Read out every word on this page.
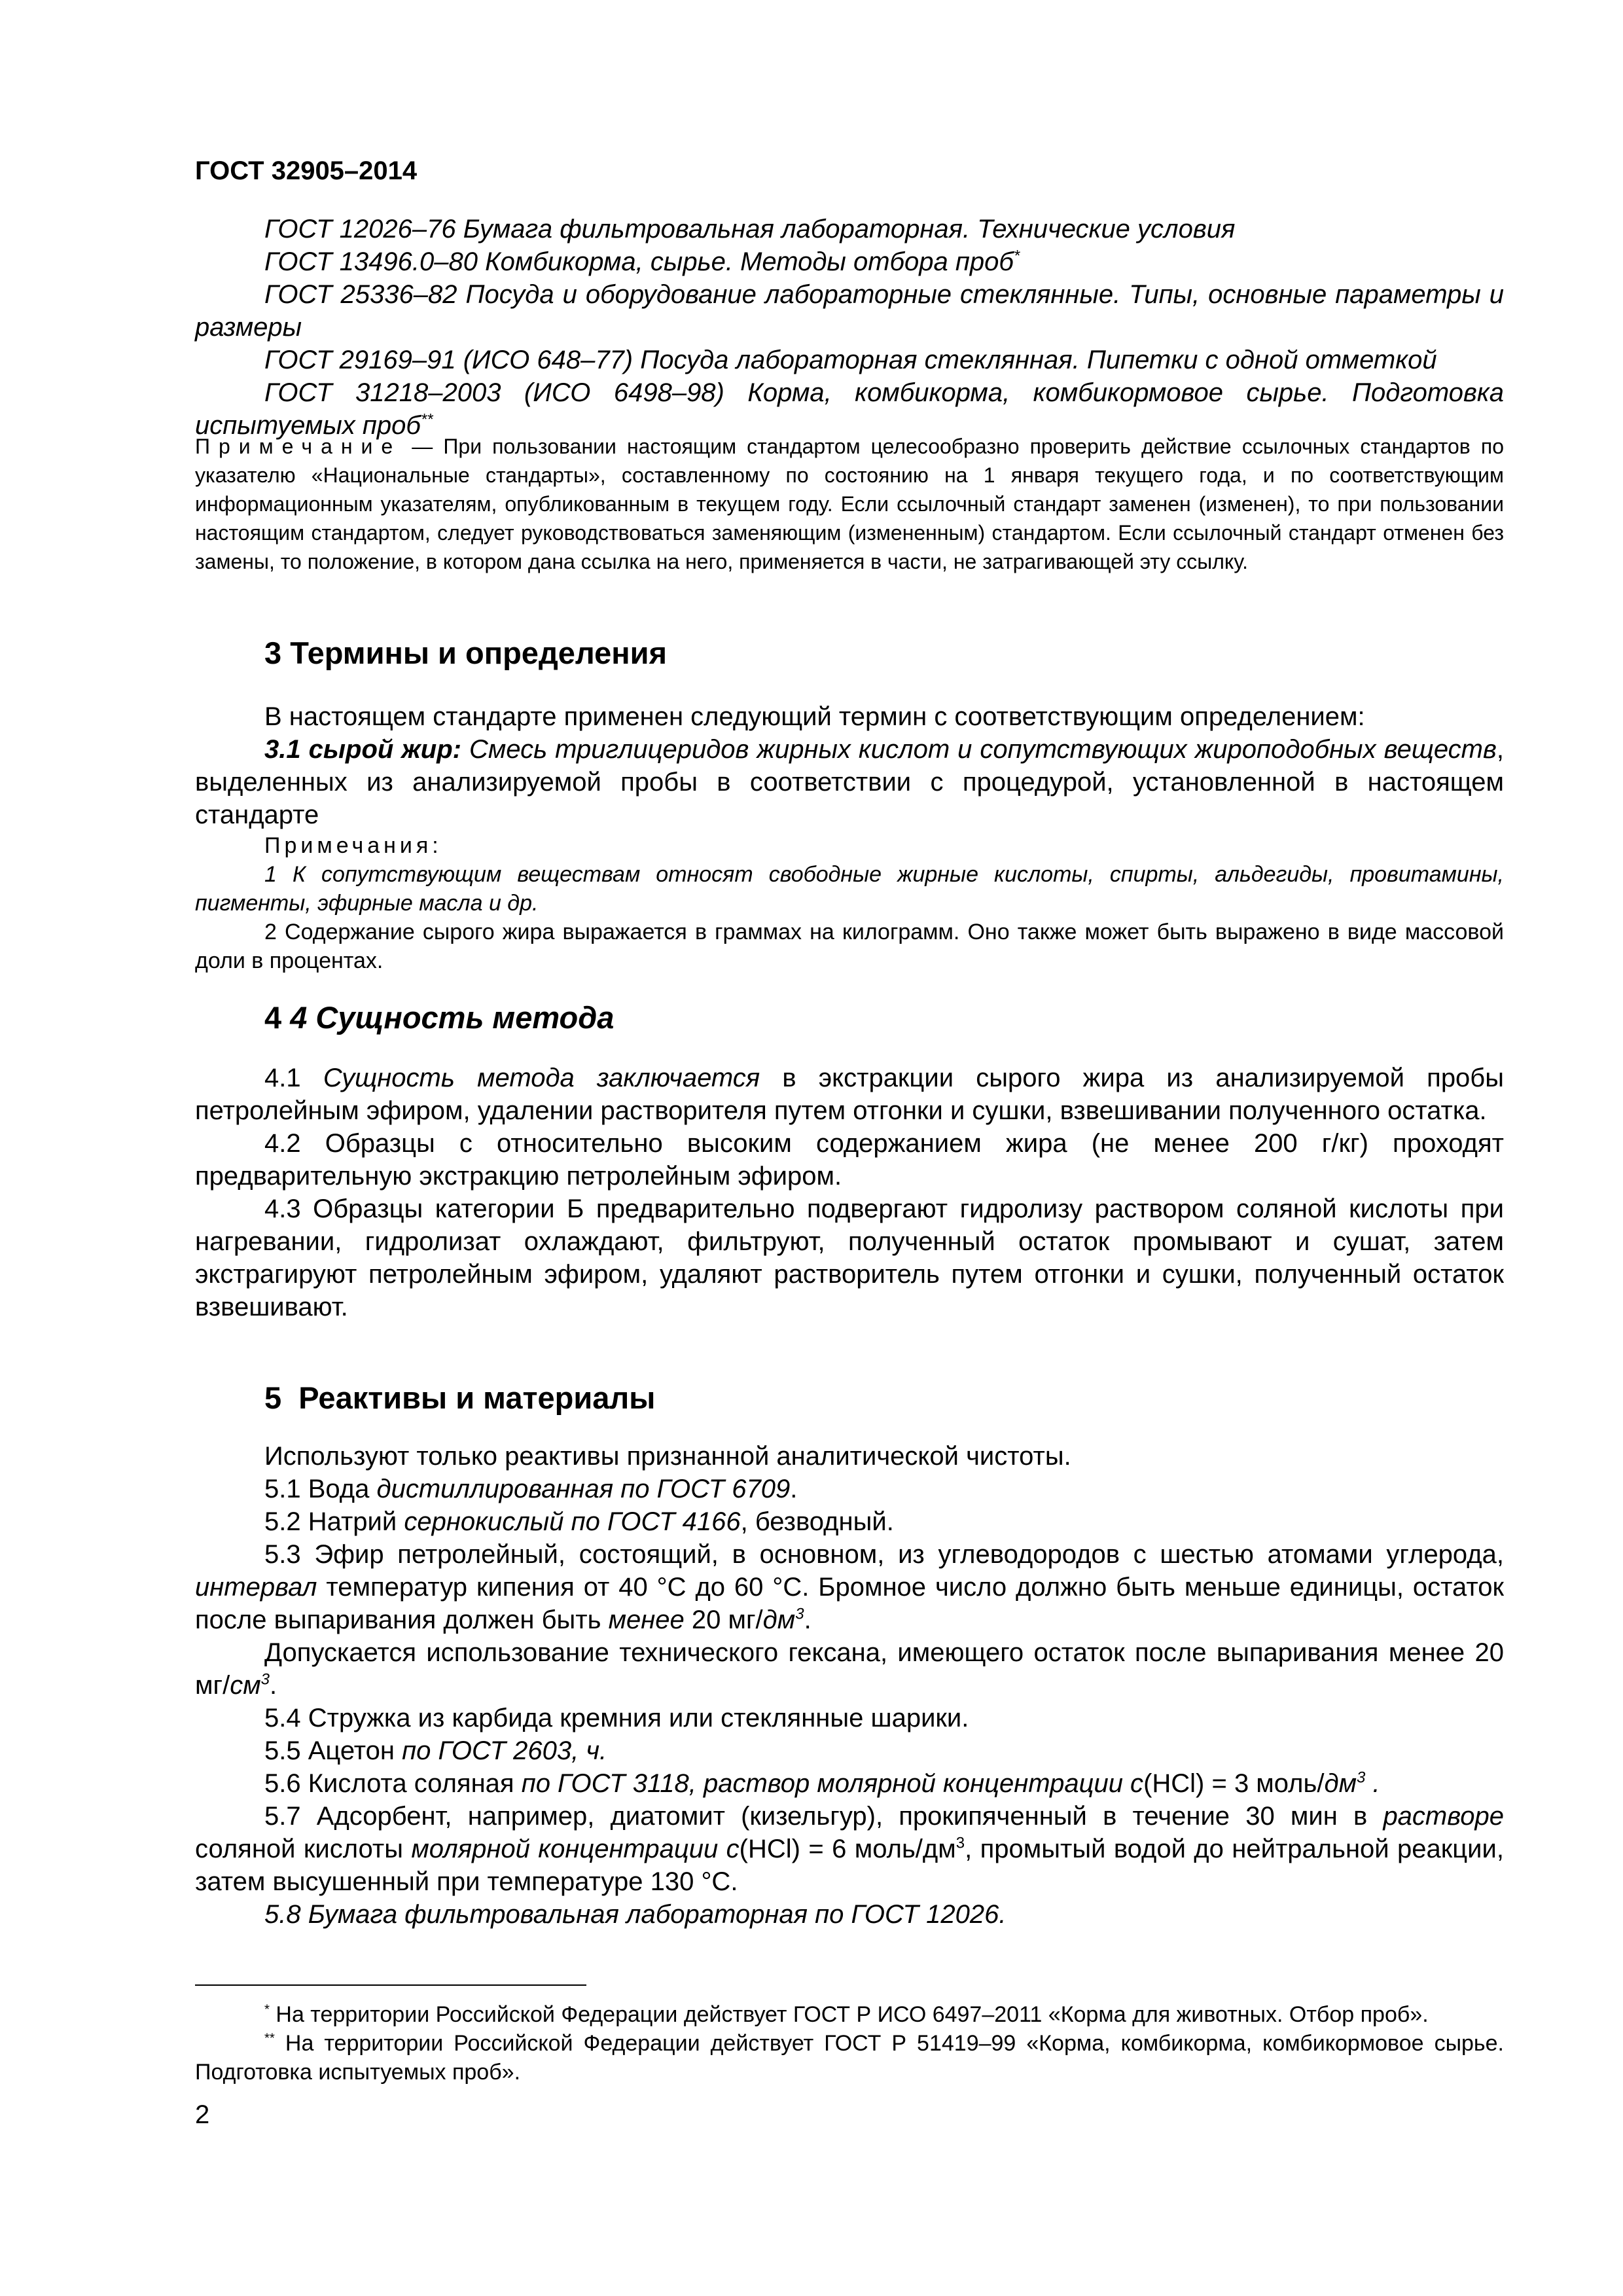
ГОСТ 32905–2014

ГОСТ 12026–76 Бумага фильтровальная лабораторная. Технические условия

ГОСТ 13496.0–80 Комбикорма, сырье. Методы отбора проб*

ГОСТ 25336–82 Посуда и оборудование лабораторные стеклянные. Типы, основные параметры и размеры

ГОСТ 29169–91 (ИСО 648–77) Посуда лабораторная стеклянная. Пипетки с одной отметкой

ГОСТ 31218–2003 (ИСО 6498–98) Корма, комбикорма, комбикормовое сырье. Подготовка испытуемых проб**

Примечание — При пользовании настоящим стандартом целесообразно проверить действие ссылочных стандартов по указателю «Национальные стандарты», составленному по состоянию на 1 января текущего года, и по соответствующим информационным указателям, опубликованным в текущем году. Если ссылочный стандарт заменен (изменен), то при пользовании настоящим стандартом, следует руководствоваться заменяющим (измененным) стандартом. Если ссылочный стандарт отменен без замены, то положение, в котором дана ссылка на него, применяется в части, не затрагивающей эту ссылку.
3 Термины и определения

В настоящем стандарте применен следующий термин с соответствующим определением:

3.1 сырой жир: Смесь триглицеридов жирных кислот и сопутствующих жироподобных веществ, выделенных из анализируемой пробы в соответствии с процедурой, установленной в настоящем стандарте

Примечания:

1 К сопутствующим веществам относят свободные жирные кислоты, спирты, альдегиды, провитамины, пигменты, эфирные масла и др.

2 Содержание сырого жира выражается в граммах на килограмм. Оно также может быть выражено в виде массовой доли в процентах.

4 4 Сущность метода

4.1 Сущность метода заключается в экстракции сырого жира из анализируемой пробы петролейным эфиром, удалении растворителя путем отгонки и сушки, взвешивании полученного остатка.

4.2 Образцы с относительно высоким содержанием жира (не менее 200 г/кг) проходят предварительную экстракцию петролейным эфиром.

4.3 Образцы категории Б предварительно подвергают гидролизу раствором соляной кислоты при нагревании, гидролизат охлаждают, фильтруют, полученный остаток промывают и сушат, затем экстрагируют петролейным эфиром, удаляют растворитель путем отгонки и сушки, полученный остаток взвешивают.

5  Реактивы и материалы

Используют только реактивы признанной аналитической чистоты.

5.1 Вода дистиллированная по ГОСТ 6709.

5.2 Натрий сернокислый по ГОСТ 4166, безводный.

5.3 Эфир петролейный, состоящий, в основном, из углеводородов с шестью атомами углерода, интервал температур кипения от 40 °С до 60 °С. Бромное число должно быть меньше единицы, остаток после выпаривания должен быть менее 20 $мг/дм^3$.

Допускается использование технического гексана, имеющего остаток после выпаривания менее 20 $мг/см^3$.

5.4 Стружка из карбида кремния или стеклянные шарики.

5.5 Ацетон по ГОСТ 2603, ч.

5.6 Кислота соляная по ГОСТ 3118, раствор молярной концентрации с(HCl) = 3 моль/$дм^3$ .

5.7 Адсорбент, например, диатомит (кизельгур), прокипяченный в течение 30 мин в растворе соляной кислоты молярной концентрации с(HCl) = 6 моль/$дм^3$, промытый водой до нейтральной реакции, затем высушенный при температуре 130 °С.

5.8 Бумага фильтровальная лабораторная по ГОСТ 12026.

* На территории Российской Федерации действует ГОСТ Р ИСО 6497–2011 «Корма для животных. Отбор проб».

** На территории Российской Федерации действует ГОСТ Р 51419–99 «Корма, комбикорма, комбикормовое сырье. Подготовка испытуемых проб».

2
